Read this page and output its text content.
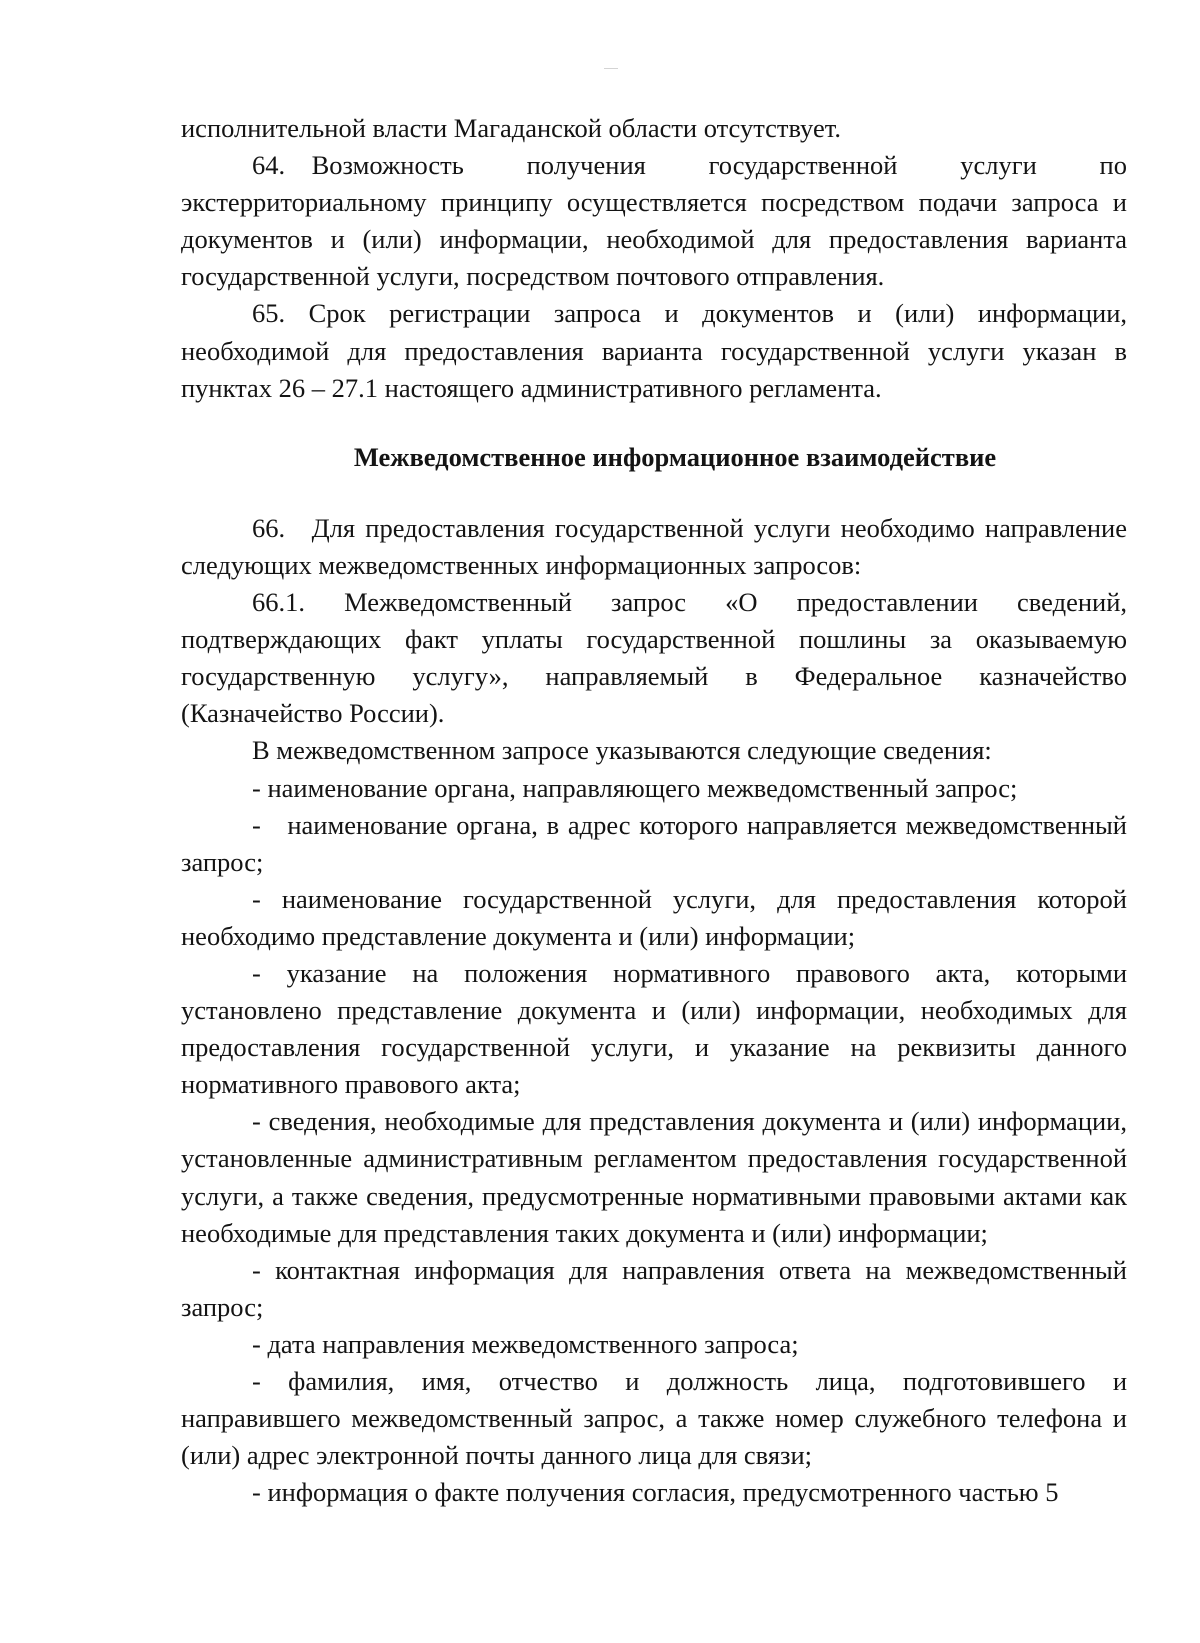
исполнительной власти Магаданской области отсутствует.

64. Возможность получения государственной услуги по экстерриториальному принципу осуществляется посредством подачи запроса и документов и (или) информации, необходимой для предоставления варианта государственной услуги, посредством почтового отправления.

65. Срок регистрации запроса и документов и (или) информации, необходимой для предоставления варианта государственной услуги указан в пунктах 26 – 27.1 настоящего административного регламента.

Межведомственное информационное взаимодействие

66. Для предоставления государственной услуги необходимо направление следующих межведомственных информационных запросов:

66.1. Межведомственный запрос «О предоставлении сведений, подтверждающих факт уплаты государственной пошлины за оказываемую государственную услугу», направляемый в Федеральное казначейство (Казначейство России).

В межведомственном запросе указываются следующие сведения:

- наименование органа, направляющего межведомственный запрос;

- наименование органа, в адрес которого направляется межведомственный запрос;

- наименование государственной услуги, для предоставления которой необходимо представление документа и (или) информации;

- указание на положения нормативного правового акта, которыми установлено представление документа и (или) информации, необходимых для предоставления государственной услуги, и указание на реквизиты данного нормативного правового акта;

- сведения, необходимые для представления документа и (или) информации, установленные административным регламентом предоставления государственной услуги, а также сведения, предусмотренные нормативными правовыми актами как необходимые для представления таких документа и (или) информации;

- контактная информация для направления ответа на межведомственный запрос;

- дата направления межведомственного запроса;

- фамилия, имя, отчество и должность лица, подготовившего и направившего межведомственный запрос, а также номер служебного телефона и (или) адрес электронной почты данного лица для связи;

- информация о факте получения согласия, предусмотренного частью 5
